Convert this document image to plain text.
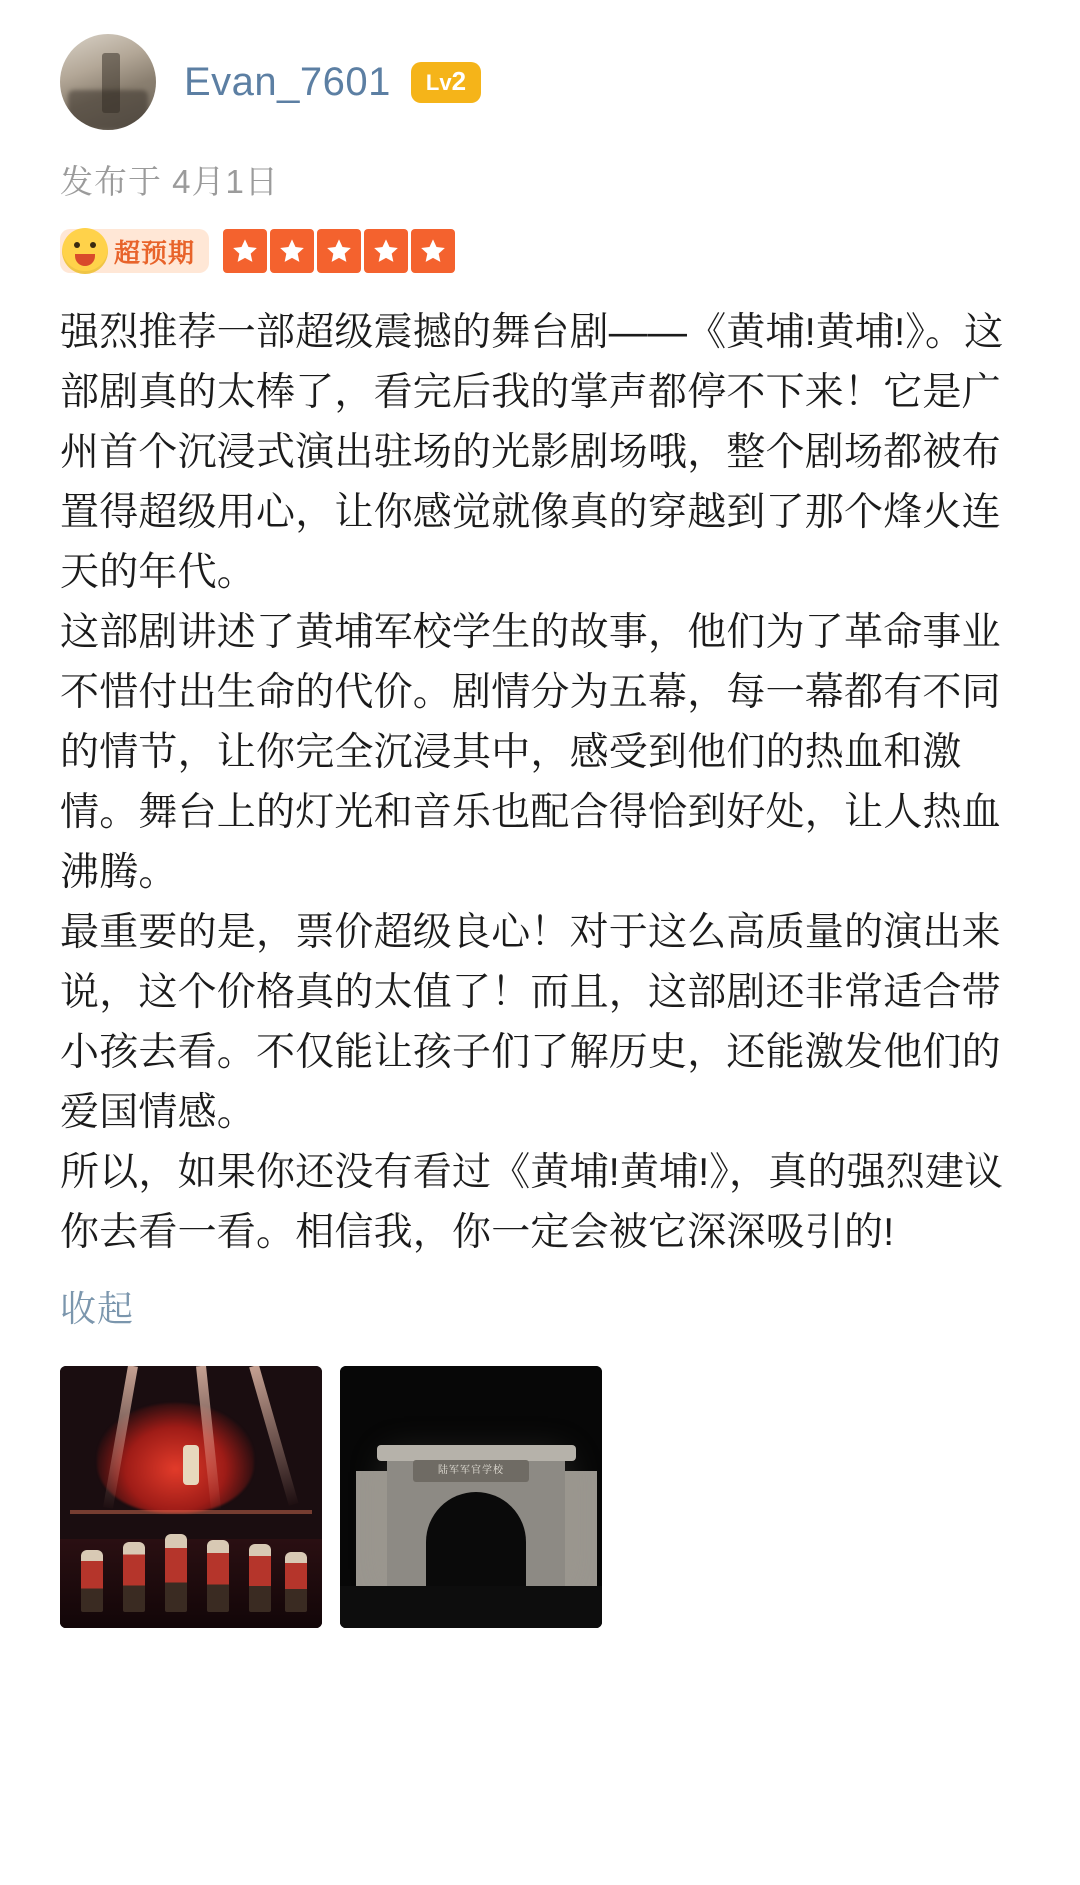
Evan_7601	Lv2
发布于 4月1日
超预期

强烈推荐一部超级震撼的舞台剧——《黄埔!黄埔!》。这部剧真的太棒了，看完后我的掌声都停不下来！它是广州首个沉浸式演出驻场的光影剧场哦，整个剧场都被布置得超级用心，让你感觉就像真的穿越到了那个烽火连天的年代。

这部剧讲述了黄埔军校学生的故事，他们为了革命事业不惜付出生命的代价。剧情分为五幕，每一幕都有不同的情节，让你完全沉浸其中，感受到他们的热血和激情。舞台上的灯光和音乐也配合得恰到好处，让人热血沸腾。

最重要的是，票价超级良心！对于这么高质量的演出来说，这个价格真的太值了！而且，这部剧还非常适合带小孩去看。不仅能让孩子们了解历史，还能激发他们的爱国情感。

所以，如果你还没有看过《黄埔!黄埔!》，真的强烈建议你去看一看。相信我，你一定会被它深深吸引的!

收起
陆军军官学校
